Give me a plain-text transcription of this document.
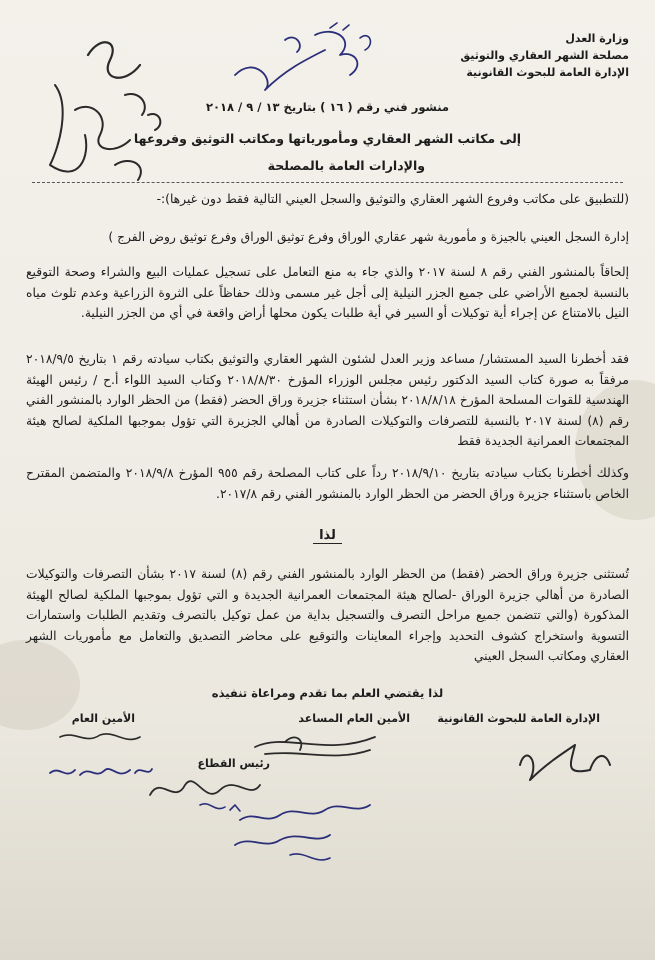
وزارة العدل
مصلحة الشهر العقاري والتوثيق
الإدارة العامة للبحوث القانونية
منشور فني رقم ( ١٦ ) بتاريخ ١٣ / ٩ / ٢٠١٨
إلى مكاتب الشهر العقاري ومأمورياتها ومكاتب التوثيق وفروعها
والإدارات العامة بالمصلحة
(للتطبيق على مكاتب وفروع الشهر العقاري والتوثيق والسجل العيني التالية فقط دون غيرها):-
إدارة السجل العيني بالجيزة و مأمورية شهر عقاري الوراق وفرع توثيق الوراق وفرع توثيق روض الفرج )
إلحاقاً بالمنشور الفني رقم ٨ لسنة ٢٠١٧ والذي جاء به منع التعامل على تسجيل عمليات البيع والشراء وصحة التوقيع بالنسبة لجميع الأراضي على جميع الجزر النيلية إلى أجل غير مسمى وذلك حفاظاً على الثروة الزراعية وعدم تلوث مياه النيل بالامتناع عن إجراء أية توكيلات أو السير في أية طلبات يكون محلها أراض واقعة في أي من الجزر النيلية.
فقد أخطرنا السيد المستشار/ مساعد وزير العدل لشئون الشهر العقاري والتوثيق بكتاب سيادته رقم ١ بتاريخ ٢٠١٨/٩/٥ مرفقاً به صورة كتاب السيد الدكتور رئيس مجلس الوزراء المؤرخ ٢٠١٨/٨/٣٠ وكتاب السيد اللواء أ.ح / رئيس الهيئة الهندسية للقوات المسلحة المؤرخ ٢٠١٨/٨/١٨ بشأن استثناء جزيرة وراق الحضر (فقط) من الحظر الوارد بالمنشور الفني رقم (٨) لسنة ٢٠١٧ بالنسبة للتصرفات والتوكيلات الصادرة من أهالي الجزيرة التي تؤول بموجبها الملكية لصالح هيئة المجتمعات العمرانية الجديدة فقط
وكذلك أخطرنا بكتاب سيادته بتاريخ ٢٠١٨/٩/١٠ رداً على كتاب المصلحة رقم ٩٥٥ المؤرخ ٢٠١٨/٩/٨ والمتضمن المقترح الخاص باستثناء جزيرة وراق الحضر من الحظر الوارد بالمنشور الفني رقم ٢٠١٧/٨.
لذا
تُستثنى جزيرة وراق الحضر (فقط) من الحظر الوارد بالمنشور الفني رقم (٨) لسنة ٢٠١٧ بشأن التصرفات والتوكيلات الصادرة من أهالي جزيرة الوراق -لصالح هيئة المجتمعات العمرانية الجديدة و التي تؤول بموجبها الملكية لصالح الهيئة المذكورة (والتي تتضمن جميع مراحل التصرف والتسجيل بداية من عمل توكيل بالتصرف وتقديم الطلبات واستمارات التسوية واستخراج كشوف التحديد وإجراء المعاينات والتوقيع على محاضر التصديق والتعامل مع مأموريات الشهر العقاري ومكاتب السجل العيني
لذا يقتضي العلم بما تقدم ومراعاة تنفيذه
الإدارة العامة للبحوث القانونية
الأمين العام المساعد
الأمين العام
رئيس القطاع
